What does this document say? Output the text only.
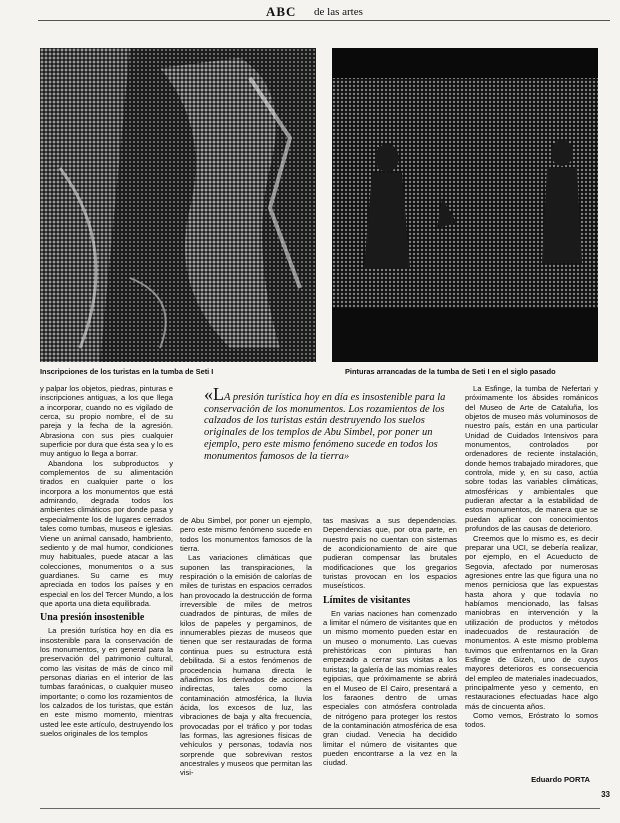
ABC de las artes
Inscripciones de los turistas en la tumba de Seti I	Pinturas arrancadas de la tumba de Seti I en el siglo pasado

y palpar los objetos, piedras, pinturas e inscripciones antiguas, a los que llega a incorporar, cuando no es vigilado de cerca, su propio nombre, el de su pareja y la fecha de la agresión. Abrasiona con sus pies cualquier superficie por dura que ésta sea y lo es muy antiguo lo llega a borrar.

Abandona los subproductos y complementos de su alimentación tirados en cualquier parte o los incorpora a los monumentos que está admirando, degrada todos los ambientes climáticos por donde pasa y especialmente los de lugares cerrados tales como tumbas, museos e iglesias. Viene un animal cansado, hambriento, sediento y de mal humor, condiciones muy habituales, puede atacar a las colecciones, monumentos o a sus guardianes. Su carne es muy apreciada en todos los países y en especial en los del Tercer Mundo, a los que aporta una dieta equilibrada.

Una presión insostenible

La presión turística hoy en día es insostenible para la conservación de los monumentos, y en general para la preservación del patrimonio cultural, como las visitas de más de cinco mil personas diarias en el interior de las tumbas faraónicas, o cualquier museo importante; o como los rozamientos de los calzados de los turistas, que están en este mismo momento, mientras usted lee este artículo, destruyendo los suelos originales de los templos

«LA presión turística hoy en día es insostenible para la conservación de los monumentos. Los rozamientos de los calzados de los turistas están destruyendo los suelos originales de los templos de Abu Simbel, por poner un ejemplo, pero este mismo fenómeno sucede en todos los monumentos famosos de la tierra»

de Abu Simbel, por poner un ejemplo, pero este mismo fenómeno sucede en todos los monumentos famosos de la tierra.

Las variaciones climáticas que suponen las transpiraciones, la respiración o la emisión de calorías de miles de turistas en espacios cerrados han provocado la destrucción de forma irreversible de miles de metros cuadrados de pinturas, de miles de kilos de papeles y pergaminos, de innumerables piezas de museos que tienen que ser restauradas de forma continua pues su estructura está debilitada. Si a estos fenómenos de procedencia humana directa le añadimos los derivados de acciones indirectas, tales como la contaminación atmosférica, la lluvia ácida, los excesos de luz, las vibraciones de baja y alta frecuencia, provocadas por el tráfico y por todas las formas, las agresiones físicas de vehículos y personas, todavía nos sorprende que sobrevivan restos ancestrales y museos que permitan las visi-

tas masivas a sus dependencias. Dependencias que, por otra parte, en nuestro país no cuentan con sistemas de acondicionamiento de aire que pudieran compensar las brutales modificaciones que los gregarios turistas provocan en los espacios museísticos.

Límites de visitantes

En varias naciones han comenzado a limitar el número de visitantes que en un mismo momento pueden estar en un museo o monumento. Las cuevas prehistóricas con pinturas han empezado a cerrar sus visitas a los turistas; la galería de las momias reales egipcias, que próximamente se abrirá en el Museo de El Cairo, presentará a los faraones dentro de urnas especiales con atmósfera controlada de nitrógeno para proteger los restos de la contaminación atmosférica de esa gran ciudad. Venecia ha decidido limitar el número de visitantes que pueden encontrarse a la vez en la ciudad.

La Esfinge, la tumba de Nefertari y próximamente los ábsides románicos del Museo de Arte de Cataluña, los objetos de museo más voluminosos de nuestro país, están en una particular Unidad de Cuidados Intensivos para monumentos, controlados por ordenadores de reciente instalación, donde hemos trabajado miradores, que controla, mide y, en su caso, actúa sobre todas las variables climáticas, atmosféricas y ambientales que pudieran afectar a la estabilidad de estos monumentos, de manera que se puedan aplicar con conocimientos profundos de las causas de deterioro.

Creemos que lo mismo es, es decir preparar una UCI, se debería realizar, por ejemplo, en el Acueducto de Segovia, afectado por numerosas agresiones entre las que figura una no menos perniciosa que las expuestas hasta ahora y que todavía no habíamos mencionado, las falsas maniobras en intervención y la utilización de productos y métodos inadecuados de restauración de monumentos. A este mismo problema tuvimos que enfrentarnos en la Gran Esfinge de Gizeh, uno de cuyos mayores deterioros es consecuencia del empleo de materiales inadecuados, principalmente yeso y cemento, en restauraciones efectuadas hace algo más de cincuenta años.

Como vemos, Eróstrato lo somos todos.

Eduardo PORTA
33
